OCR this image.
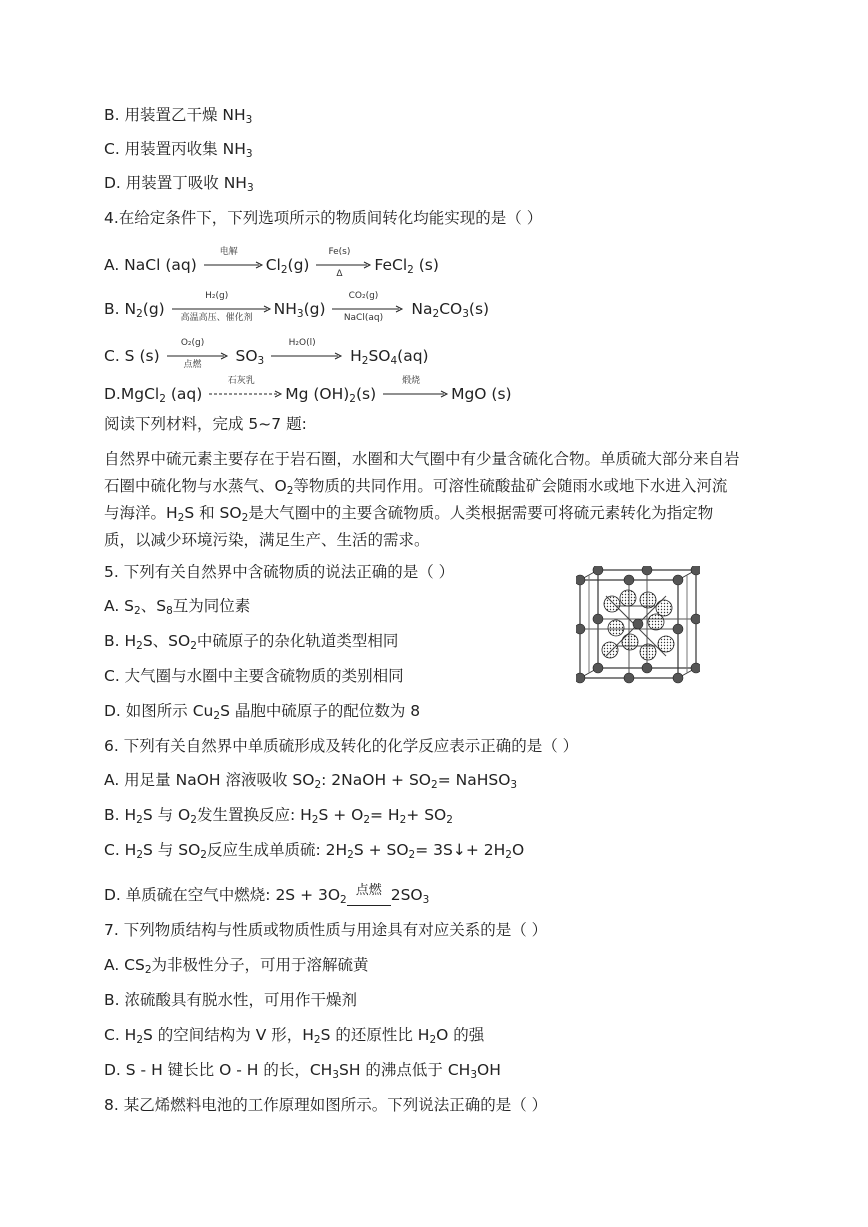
B. 用装置乙干燥 $NH_3$
C. 用装置丙收集 $NH_3$
D. 用装置丁吸收 $NH_3$
4.在给定条件下，下列选项所示的物质间转化均能实现的是（ ）
A. NaCl (aq)
电解
$Cl_2(g)$
Fe(s)
Δ	FeCl$_2$ (s)
B. $N_2(g)$
H₂(g)
高温高压、催化剂	$NH_3(g)$
CO₂(g)
NaCl(aq)	$Na_2CO_3(s)$
C. S (s)
O₂(g)
点燃	$SO_3$
H₂O(l)
$H_2SO_4(aq)$
D.MgCl$_2$ (aq)
石灰乳
Mg $(OH)_2(s)$
煅烧
MgO (s)
阅读下列材料，完成 5~7 题:
自然界中硫元素主要存在于岩石圈，水圈和大气圈中有少量含硫化合物。单质硫大部分来自岩
石圈中硫化物与水蒸气、$O_2$等物质的共同作用。可溶性硫酸盐矿会随雨水或地下水进入河流
与海洋。$H_2S$ 和 $SO_2$是大气圈中的主要含硫物质。人类根据需要可将硫元素转化为指定物
质，以减少环境污染，满足生产、生活的需求。
5. 下列有关自然界中含硫物质的说法正确的是（ ）
A. $S_2$、$S_8$互为同位素
B. $H_2S$、$SO_2$中硫原子的杂化轨道类型相同
C. 大气圈与水圈中主要含硫物质的类别相同
D. 如图所示 $Cu_2S$ 晶胞中硫原子的配位数为 8
6. 下列有关自然界中单质硫形成及转化的化学反应表示正确的是（ ）
A. 用足量 NaOH 溶液吸收 $SO_2$: 2NaOH + $SO_2=$ NaHSO$_3$
B. $H_2S$ 与 $O_2$发生置换反应: $H_2S + O_2= H_2+ SO_2$
C. $H_2S$ 与 $SO_2$反应生成单质硫: $2H_2S + SO_2=$ 3S↓+ $2H_2O$
D. 单质硫在空气中燃烧: $2S + 3O_2$
点燃 $2SO_3$
7. 下列物质结构与性质或物质性质与用途具有对应关系的是（ ）
A. $CS_2$为非极性分子，可用于溶解硫黄
B. 浓硫酸具有脱水性，可用作干燥剂
C. $H_2S$ 的空间结构为 V 形，$H_2S$ 的还原性比 $H_2O$ 的强
D. S - H 键长比 O - H 的长，$CH_3SH$ 的沸点低于 $CH_3OH$
8. 某乙烯燃料电池的工作原理如图所示。下列说法正确的是（ ）
